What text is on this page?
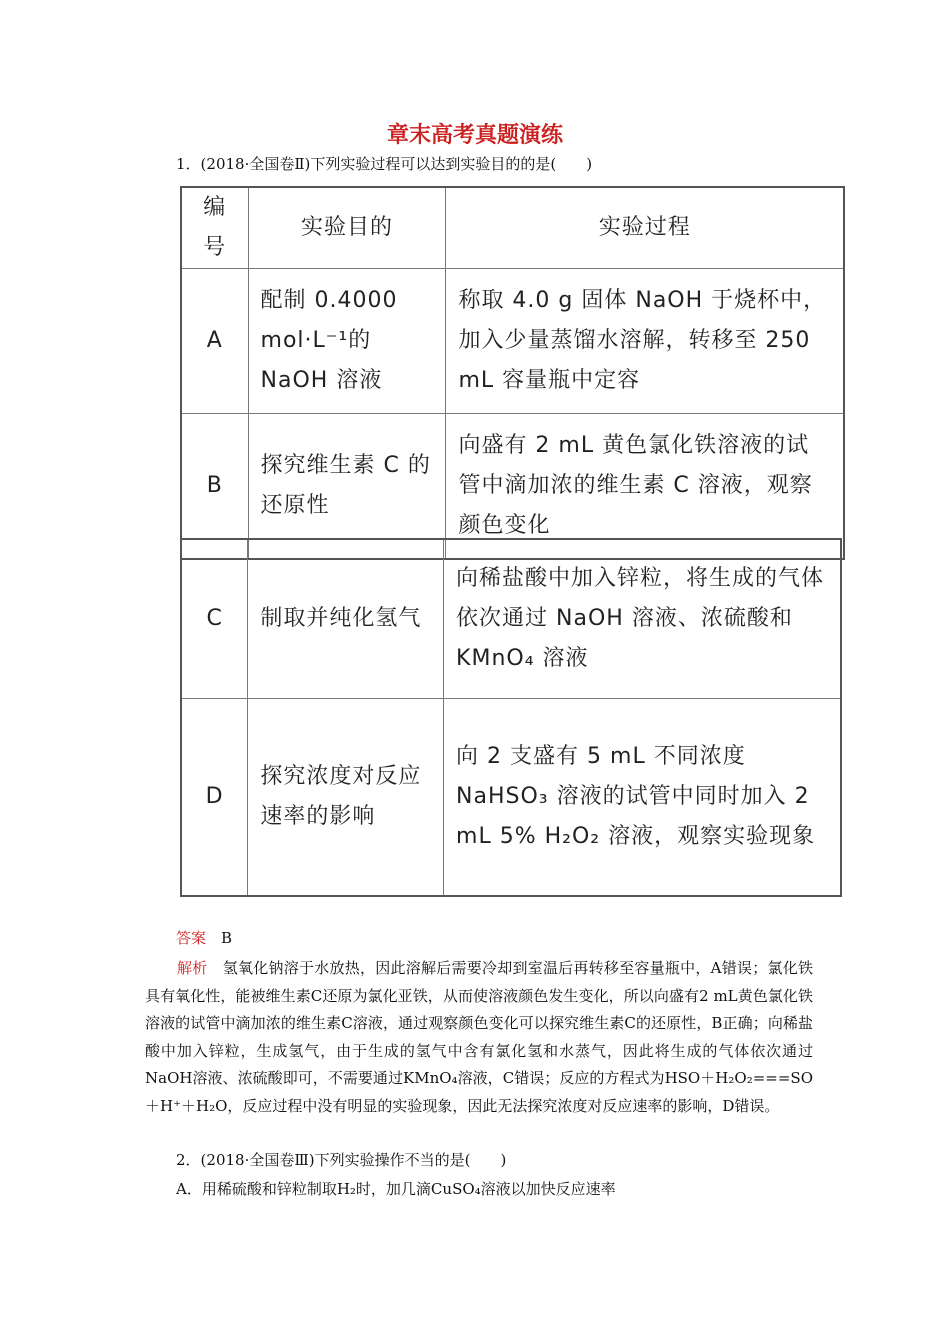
章末高考真题演练
1．(2018·全国卷Ⅱ)下列实验过程可以达到实验目的的是(　　)
编号	实验目的	实验过程
A	配制 0.4000 mol·L⁻¹的NaOH 溶液	称取 4.0 g 固体 NaOH 于烧杯中，加入少量蒸馏水溶解，转移至 250 mL 容量瓶中定容
B	探究维生素 C 的还原性	向盛有 2 mL 黄色氯化铁溶液的试管中滴加浓的维生素 C 溶液，观察颜色变化
C	制取并纯化氢气	向稀盐酸中加入锌粒，将生成的气体依次通过 NaOH 溶液、浓硫酸和 KMnO₄ 溶液
D	探究浓度对反应速率的影响	向 2 支盛有 5 mL 不同浓度 NaHSO₃ 溶液的试管中同时加入 2 mL 5% H₂O₂ 溶液，观察实验现象
答案　 B
解析　 氢氧化钠溶于水放热，因此溶解后需要冷却到室温后再转移至容量瓶中，A错误；氯化铁具有氧化性，能被维生素C还原为氯化亚铁，从而使溶液颜色发生变化，所以向盛有2 mL黄色氯化铁溶液的试管中滴加浓的维生素C溶液，通过观察颜色变化可以探究维生素C的还原性，B正确；向稀盐酸中加入锌粒，生成氢气，由于生成的氢气中含有氯化氢和水蒸气，因此将生成的气体依次通过NaOH溶液、浓硫酸即可，不需要通过KMnO₄溶液，C错误；反应的方程式为HSO＋H₂O₂===SO＋H⁺＋H₂O，反应过程中没有明显的实验现象，因此无法探究浓度对反应速率的影响，D错误。
2．(2018·全国卷Ⅲ)下列实验操作不当的是(　　)
A．用稀硫酸和锌粒制取H₂时，加几滴CuSO₄溶液以加快反应速率
